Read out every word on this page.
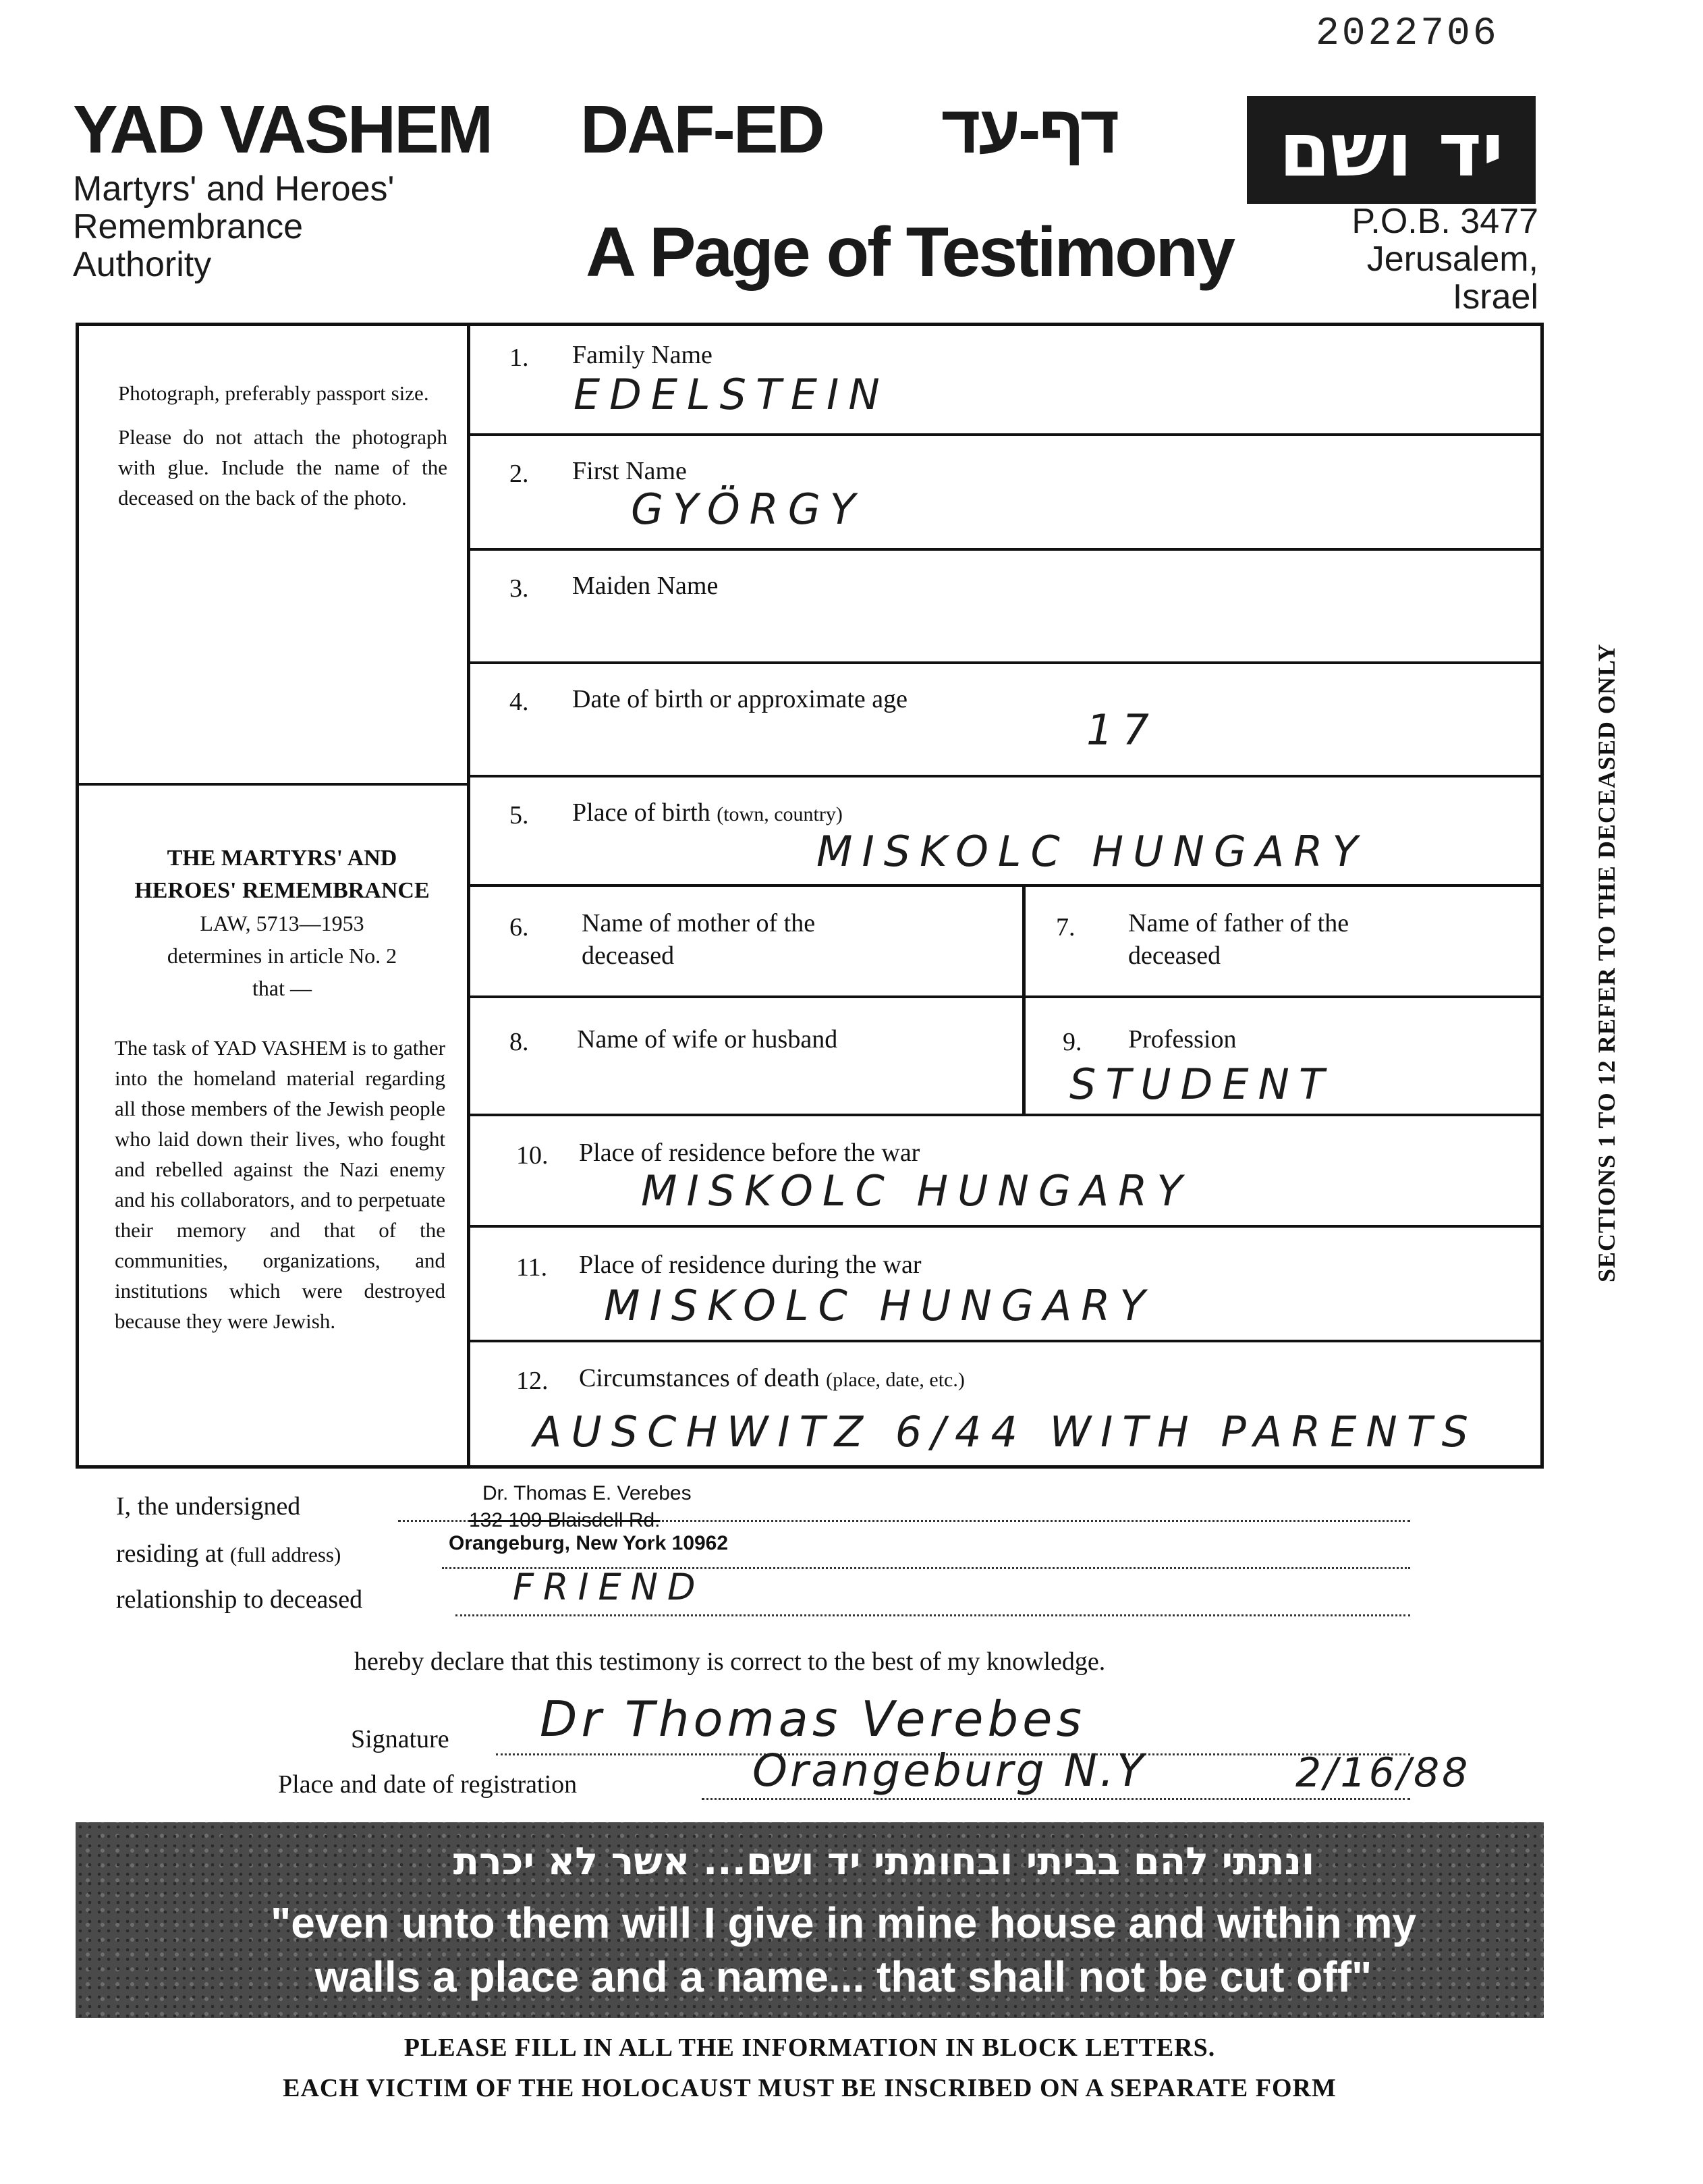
2022706
YAD VASHEM
Martyrs' and Heroes'
Remembrance
Authority
DAF-ED דף-עד
A Page of Testimony
יד ושם
P.O.B. 3477
Jerusalem, Israel
Photograph, preferably passport size.
Please do not attach the photograph with glue. Include the name of the deceased on the back of the photo.
THE MARTYRS' AND
HEROES' REMEMBRANCE
LAW, 5713—1953
determines in article No. 2
that —
The task of YAD VASHEM is to gather into the homeland material regarding all those members of the Jewish people who laid down their lives, who fought and rebelled against the Nazi enemy and his collaborators, and to perpetuate their memory and that of the communities, organizations, and institutions which were destroyed because they were Jewish.
1. Family Name
EDELSTEIN
2. First Name
GYÖRGY
3. Maiden Name
4. Date of birth or approximate age
17
5. Place of birth (town, country)
MISKOLC HUNGARY
6. Name of mother of the
deceased
7. Name of father of the
deceased
8. Name of wife or husband	9. Profession
STUDENT
10. Place of residence before the war
MISKOLC HUNGARY
11. Place of residence during the war
MISKOLC HUNGARY
12. Circumstances of death (place, date, etc.)
AUSCHWITZ 6/44 WITH PARENTS
SECTIONS 1 TO 12 REFER TO THE DECEASED ONLY
I, the undersigned	Dr. Thomas E. Verebes
residing at (full address)
132 109 Blaisdell Rd.
Orangeburg, New York 10962
relationship to deceased	FRIEND
hereby declare that this testimony is correct to the best of my knowledge.
Signature Dr Thomas Verebes
Place and date of registration	Orangeburg N.Y	2/16/88
ונתתי להם בביתי ובחומתי יד ושם... אשר לא יכרת
"even unto them will I give in mine house and within my
walls a place and a name... that shall not be cut off"
PLEASE FILL IN ALL THE INFORMATION IN BLOCK LETTERS.
EACH VICTIM OF THE HOLOCAUST MUST BE INSCRIBED ON A SEPARATE FORM
